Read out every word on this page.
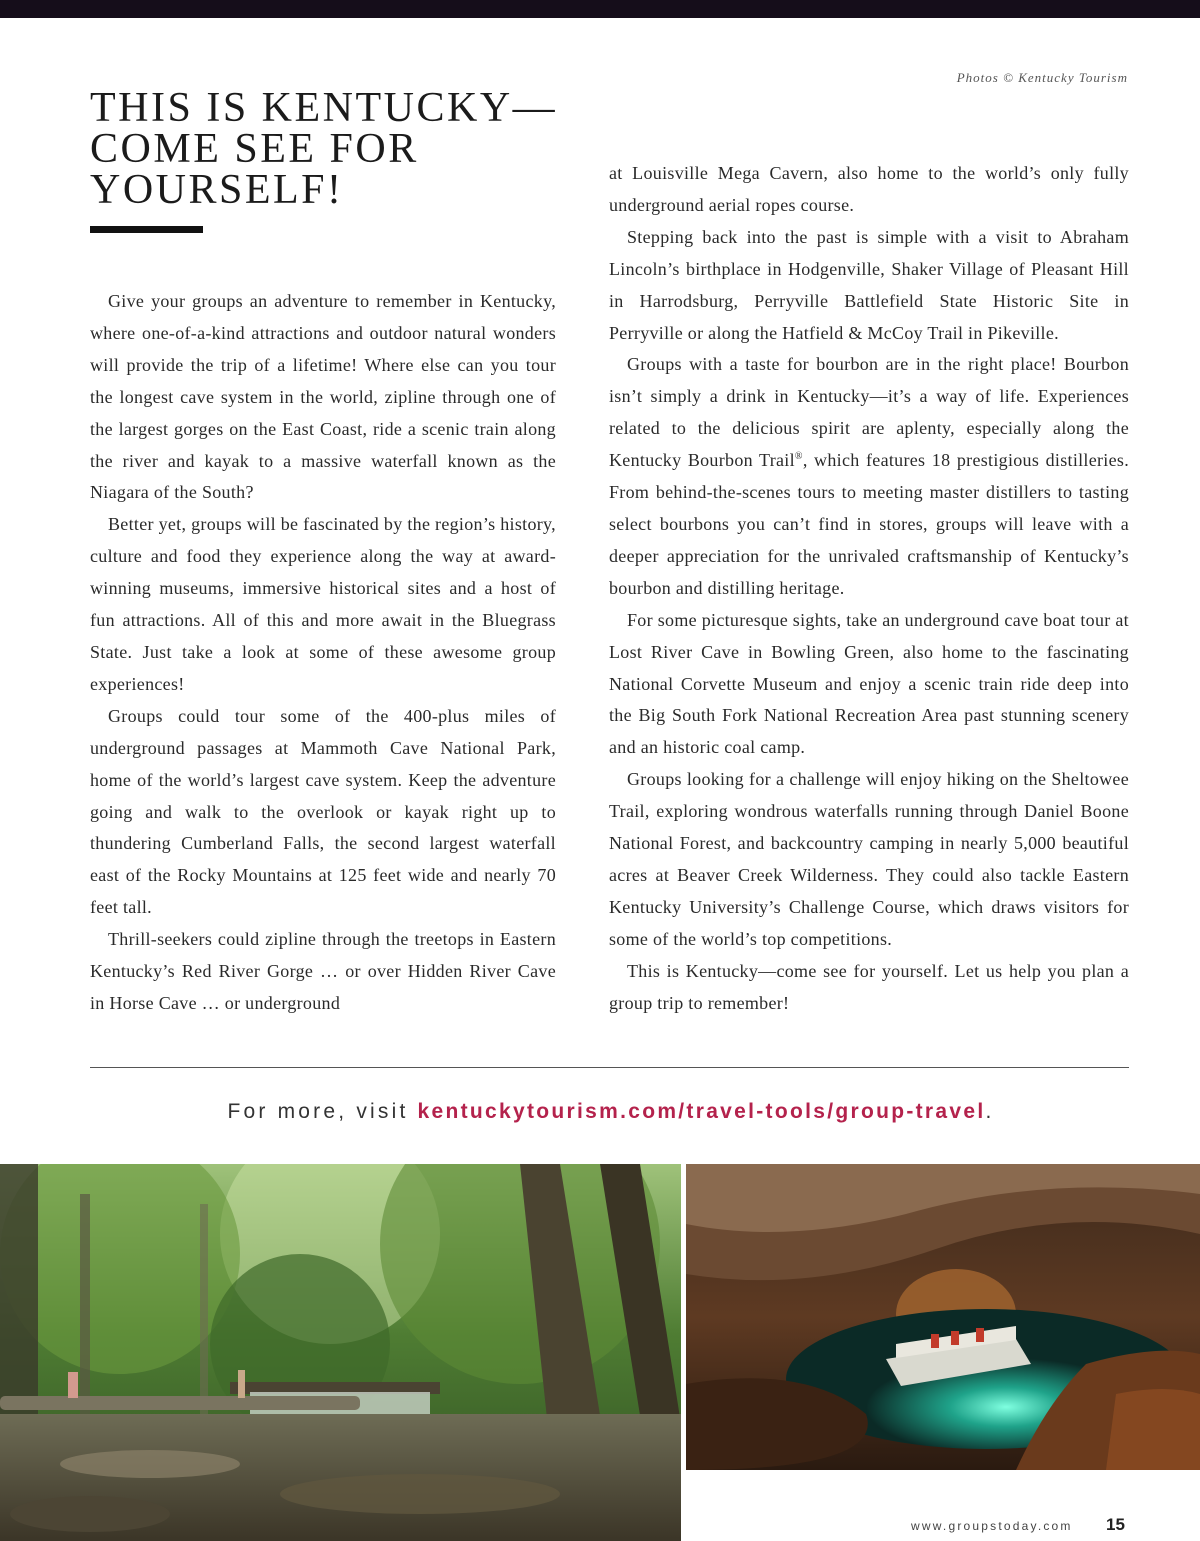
Photos © Kentucky Tourism
THIS IS KENTUCKY—
COME SEE FOR
YOURSELF!

Give your groups an adventure to remember in Kentucky, where one-of-a-kind attractions and outdoor natural wonders will provide the trip of a lifetime! Where else can you tour the longest cave system in the world, zipline through one of the largest gorges on the East Coast, ride a scenic train along the river and kayak to a massive waterfall known as the Niagara of the South?

Better yet, groups will be fascinated by the region’s history, culture and food they experience along the way at award-winning museums, immersive historical sites and a host of fun attractions. All of this and more await in the Bluegrass State. Just take a look at some of these awesome group experiences!

Groups could tour some of the 400-plus miles of underground passages at Mammoth Cave National Park, home of the world’s largest cave system. Keep the adventure going and walk to the overlook or kayak right up to thundering Cumberland Falls, the second largest waterfall east of the Rocky Mountains at 125 feet wide and nearly 70 feet tall.

Thrill-seekers could zipline through the treetops in Eastern Kentucky’s Red River Gorge … or over Hidden River Cave in Horse Cave … or underground

at Louisville Mega Cavern, also home to the world’s only fully underground aerial ropes course.

Stepping back into the past is simple with a visit to Abraham Lincoln’s birthplace in Hodgenville, Shaker Village of Pleasant Hill in Harrodsburg, Perryville Battlefield State Historic Site in Perryville or along the Hatfield & McCoy Trail in Pikeville.

Groups with a taste for bourbon are in the right place! Bourbon isn’t simply a drink in Kentucky—it’s a way of life. Experiences related to the delicious spirit are aplenty, especially along the Kentucky Bourbon Trail®, which features 18 prestigious distilleries. From behind-the-scenes tours to meeting master distillers to tasting select bourbons you can’t find in stores, groups will leave with a deeper appreciation for the unrivaled craftsmanship of Kentucky’s bourbon and distilling heritage.

For some picturesque sights, take an underground cave boat tour at Lost River Cave in Bowling Green, also home to the fascinating National Corvette Museum and enjoy a scenic train ride deep into the Big South Fork National Recreation Area past stunning scenery and an historic coal camp.

Groups looking for a challenge will enjoy hiking on the Sheltowee Trail, exploring wondrous waterfalls running through Daniel Boone National Forest, and backcountry camping in nearly 5,000 beautiful acres at Beaver Creek Wilderness. They could also tackle Eastern Kentucky University’s Challenge Course, which draws visitors for some of the world’s top competitions.

This is Kentucky—come see for yourself. Let us help you plan a group trip to remember!

For more, visit kentuckytourism.com/travel-tools/group-travel.
www.groupstoday.com 15
